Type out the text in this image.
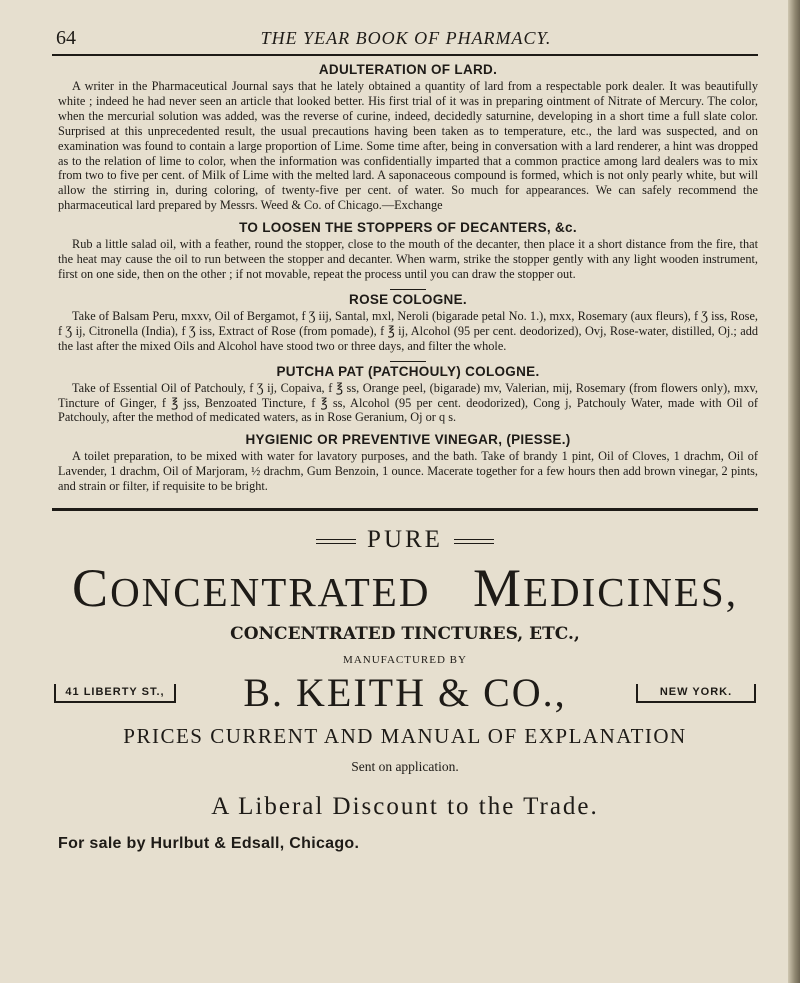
64	THE YEAR BOOK OF PHARMACY.
ADULTERATION OF LARD.

A writer in the Pharmaceutical Journal says that he lately obtained a quantity of lard from a respectable pork dealer. It was beautifully white ; indeed he had never seen an article that looked better. His first trial of it was in preparing ointment of Nitrate of Mercury. The color, when the mercurial solution was added, was the reverse of curine, indeed, decidedly saturnine, developing in a short time a full slate color. Surprised at this unprecedented result, the usual precautions having been taken as to temperature, etc., the lard was suspected, and on examination was found to contain a large proportion of Lime. Some time after, being in conversation with a lard renderer, a hint was dropped as to the relation of lime to color, when the information was confidentially imparted that a common practice among lard dealers was to mix from two to five per cent. of Milk of Lime with the melted lard. A saponaceous compound is formed, which is not only pearly white, but will allow the stirring in, during coloring, of twenty-five per cent. of water. So much for appearances. We can safely recommend the pharmaceutical lard prepared by Messrs. Weed & Co. of Chicago.—Exchange

TO LOOSEN THE STOPPERS OF DECANTERS, &c.

Rub a little salad oil, with a feather, round the stopper, close to the mouth of the decanter, then place it a short distance from the fire, that the heat may cause the oil to run between the stopper and decanter. When warm, strike the stopper gently with any light wooden instrument, first on one side, then on the other ; if not movable, repeat the process until you can draw the stopper out.

ROSE COLOGNE.

Take of Balsam Peru, mxxv, Oil of Bergamot, f Ʒ iij, Santal, mxl, Neroli (bigarade petal No. 1.), mxx, Rosemary (aux fleurs), f Ʒ iss, Rose, f Ʒ ij, Citronella (India), f Ʒ iss, Extract of Rose (from pomade), f ℥ ij, Alcohol (95 per cent. deodorized), Ovj, Rose-water, distilled, Oj.; add the last after the mixed Oils and Alcohol have stood two or three days, and filter the whole.

PUTCHA PAT (PATCHOULY) COLOGNE.

Take of Essential Oil of Patchouly, f Ʒ ij, Copaiva, f ℥ ss, Orange peel, (bigarade) mv, Valerian, mij, Rosemary (from flowers only), mxv, Tincture of Ginger, f ℥ jss, Benzoated Tincture, f ℥ ss, Alcohol (95 per cent. deodorized), Cong j, Patchouly Water, made with Oil of Patchouly, after the method of medicated waters, as in Rose Geranium, Oj or q s.

HYGIENIC OR PREVENTIVE VINEGAR, (PIESSE.)

A toilet preparation, to be mixed with water for lavatory purposes, and the bath. Take of brandy 1 pint, Oil of Cloves, 1 drachm, Oil of Lavender, 1 drachm, Oil of Marjoram, ½ drachm, Gum Benzoin, 1 ounce. Macerate together for a few hours then add brown vinegar, 2 pints, and strain or filter, if requisite to be bright.

PURE
CONCENTRATED MEDICINES,
CONCENTRATED TINCTURES, ETC.,
MANUFACTURED BY
41 LIBERTY ST.,	B. KEITH & CO.,	NEW YORK.
PRICES CURRENT AND MANUAL OF EXPLANATION
Sent on application.
A Liberal Discount to the Trade.
For sale by Hurlbut & Edsall, Chicago.
